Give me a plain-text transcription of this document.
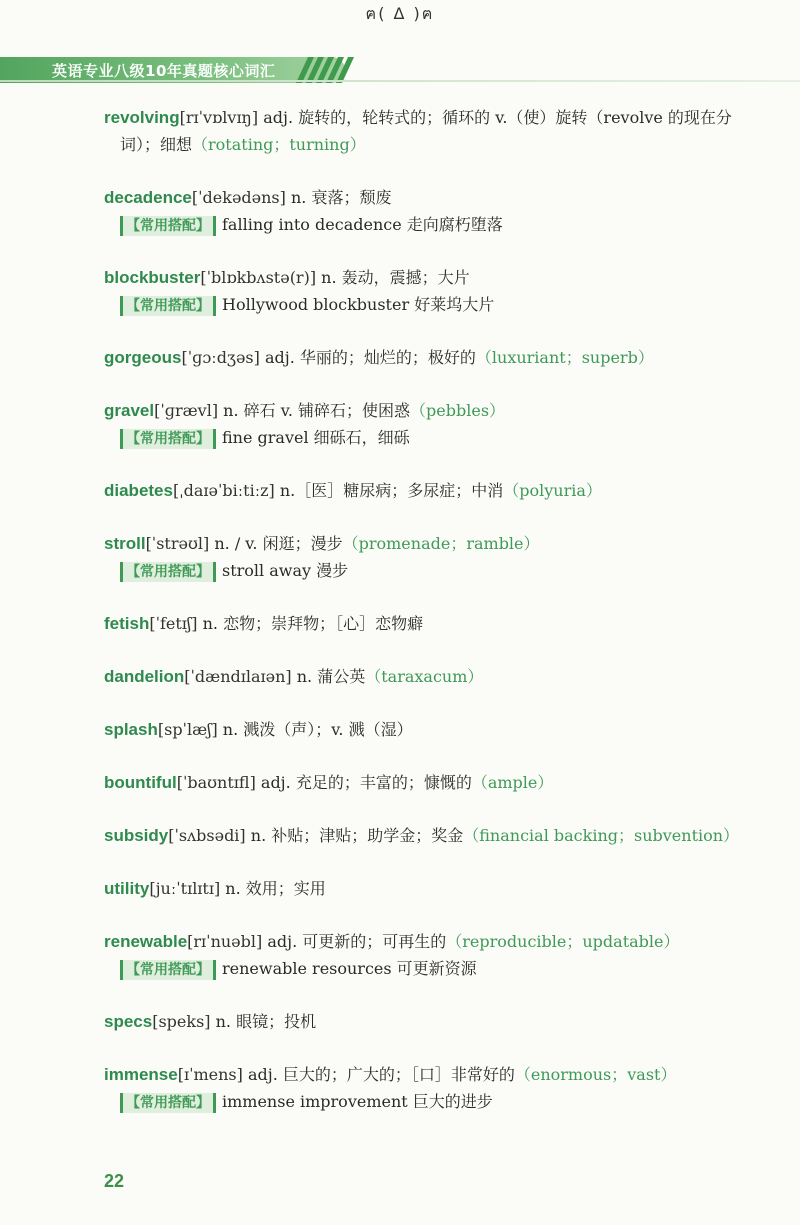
ฅ( Δ )ฅ
英语专业八级10年真题核心词汇
revolving[rɪˈvɒlvɪŋ] adj. 旋转的，轮转式的；循环的 v.（使）旋转（revolve 的现在分
词）；细想（rotating；turning）
decadence[ˈdekədəns] n. 衰落；颓废
【常用搭配】 falling into decadence 走向腐朽堕落
blockbuster[ˈblɒkbʌstə(r)] n. 轰动，震撼；大片
【常用搭配】 Hollywood blockbuster 好莱坞大片
gorgeous[ˈɡɔːdʒəs] adj. 华丽的；灿烂的；极好的（luxuriant；superb）
gravel[ˈɡrævl] n. 碎石 v. 铺碎石；使困惑（pebbles）
【常用搭配】 fine gravel 细砾石，细砾
diabetes[ˌdaɪəˈbiːtiːz] n.［医］糖尿病；多尿症；中消（polyuria）
stroll[ˈstrəʊl] n. / v. 闲逛；漫步（promenade；ramble）
【常用搭配】 stroll away 漫步
fetish[ˈfetɪʃ] n. 恋物；崇拜物；［心］恋物癖
dandelion[ˈdændɪlaɪən] n. 蒲公英（taraxacum）
splash[spˈlæʃ] n. 溅泼（声）；v. 溅（湿）
bountiful[ˈbaʊntɪfl] adj. 充足的；丰富的；慷慨的（ample）
subsidy[ˈsʌbsədi] n. 补贴；津贴；助学金；奖金（financial backing；subvention）
utility[juːˈtɪlɪtɪ] n. 效用；实用
renewable[rɪˈnuəbl] adj. 可更新的；可再生的（reproducible；updatable）
【常用搭配】 renewable resources 可更新资源
specs[speks] n. 眼镜；投机
immense[ɪˈmens] adj. 巨大的；广大的；［口］非常好的（enormous；vast）
【常用搭配】 immense improvement 巨大的进步
22
